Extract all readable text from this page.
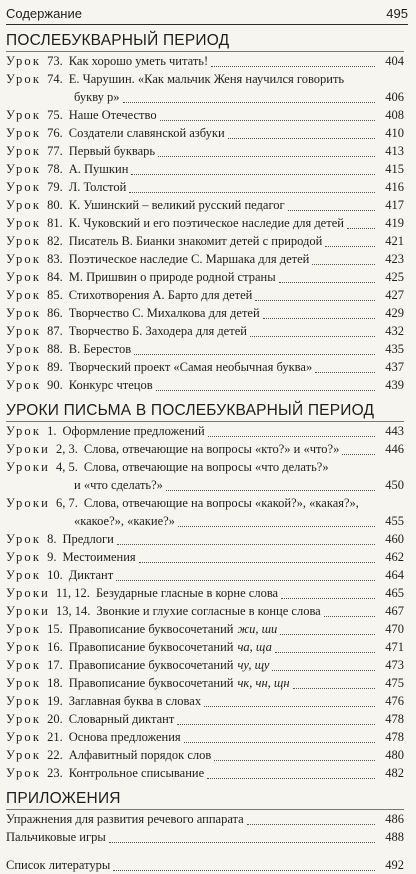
Содержание	495
ПОСЛЕБУКВАРНЫЙ ПЕРИОД
Урок 73. Как хорошо уметь читать!	404
Урок 74. Е. Чарушин. «Как мальчик Женя научился говорить
букву р»	406
Урок 75. Наше Отечество	408
Урок 76. Создатели славянской азбуки	410
Урок 77. Первый букварь	413
Урок 78. А. Пушкин	415
Урок 79. Л. Толстой	416
Урок 80. К. Ушинский – великий русский педагог	417
Урок 81. К. Чуковский и его поэтическое наследие для детей	419
Урок 82. Писатель В. Бианки знакомит детей с природой	421
Урок 83. Поэтическое наследие С. Маршака для детей	423
Урок 84. М. Пришвин о природе родной страны	425
Урок 85. Стихотворения А. Барто для детей	427
Урок 86. Творчество С. Михалкова для детей	429
Урок 87. Творчество Б. Заходера для детей	432
Урок 88. В. Берестов	435
Урок 89. Творческий проект «Самая необычная буква»	437
Урок 90. Конкурс чтецов	439
УРОКИ ПИСЬМА В ПОСЛЕБУКВАРНЫЙ ПЕРИОД
Урок 1. Оформление предложений	443
Уроки 2, 3. Слова, отвечающие на вопросы «кто?» и «что?»	446
Уроки 4, 5. Слова, отвечающие на вопросы «что делать?»
и «что сделать?»	450
Уроки 6, 7. Слова, отвечающие на вопросы «какой?», «какая?»,
«какое?», «какие?»	455
Урок 8. Предлоги	460
Урок 9. Местоимения	462
Урок 10. Диктант	464
Уроки 11, 12. Безударные гласные в корне слова	465
Уроки 13, 14. Звонкие и глухие согласные в конце слова	467
Урок 15. Правописание буквосочетаний жи, ши	470
Урок 16. Правописание буквосочетаний ча, ща	471
Урок 17. Правописание буквосочетаний чу, щу	473
Урок 18. Правописание буквосочетаний чк, чн, щн	475
Урок 19. Заглавная буква в словах	476
Урок 20. Словарный диктант	478
Урок 21. Основа предложения	478
Урок 22. Алфавитный порядок слов	480
Урок 23. Контрольное списывание	482
ПРИЛОЖЕНИЯ
Упражнения для развития речевого аппарата	486
Пальчиковые игры	488
Список литературы	492
